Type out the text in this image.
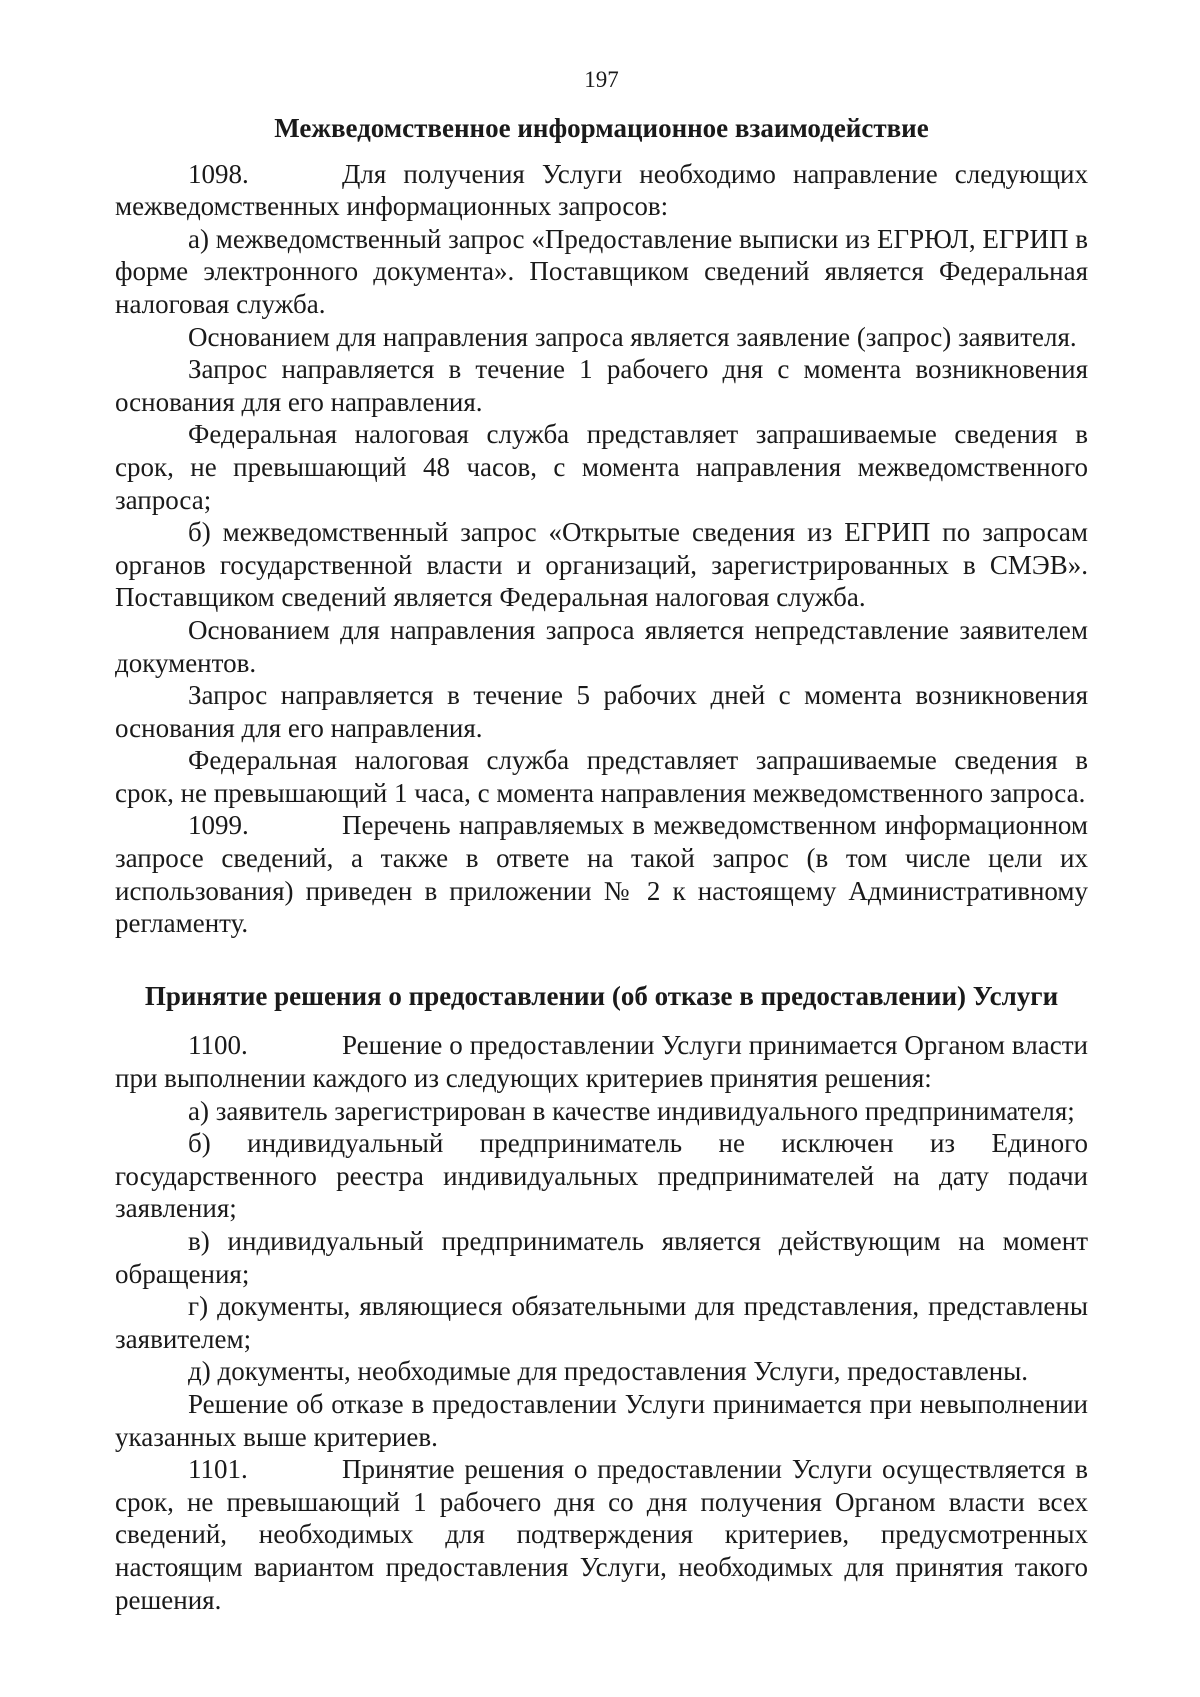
197
Межведомственное информационное взаимодействие

1098.	Для получения Услуги необходимо направление следующих межведомственных информационных запросов:

а) межведомственный запрос «Предоставление выписки из ЕГРЮЛ, ЕГРИП в форме электронного документа». Поставщиком сведений является Федеральная налоговая служба.

Основанием для направления запроса является заявление (запрос) заявителя.

Запрос направляется в течение 1 рабочего дня с момента возникновения основания для его направления.

Федеральная налоговая служба представляет запрашиваемые сведения в срок, не превышающий 48 часов, с момента направления межведомственного запроса;

б) межведомственный запрос «Открытые сведения из ЕГРИП по запросам органов государственной власти и организаций, зарегистрированных в СМЭВ». Поставщиком сведений является Федеральная налоговая служба.

Основанием для направления запроса является непредставление заявителем документов.

Запрос направляется в течение 5 рабочих дней с момента возникновения основания для его направления.

Федеральная налоговая служба представляет запрашиваемые сведения в срок, не превышающий 1 часа, с момента направления межведомственного запроса.

1099.	Перечень направляемых в межведомственном информационном запросе сведений, а также в ответе на такой запрос (в том числе цели их использования) приведен в приложении № 2 к настоящему Административному регламенту.

Принятие решения о предоставлении (об отказе в предоставлении) Услуги

1100.	Решение о предоставлении Услуги принимается Органом власти при выполнении каждого из следующих критериев принятия решения:

а) заявитель зарегистрирован в качестве индивидуального предпринимателя;

б) индивидуальный предприниматель не исключен из Единого государственного реестра индивидуальных предпринимателей на дату подачи заявления;

в) индивидуальный предприниматель является действующим на момент обращения;

г) документы, являющиеся обязательными для представления, представлены заявителем;

д) документы, необходимые для предоставления Услуги, предоставлены.

Решение об отказе в предоставлении Услуги принимается при невыполнении указанных выше критериев.

1101.	Принятие решения о предоставлении Услуги осуществляется в срок, не превышающий 1 рабочего дня со дня получения Органом власти всех сведений, необходимых для подтверждения критериев, предусмотренных настоящим вариантом предоставления Услуги, необходимых для принятия такого решения.
